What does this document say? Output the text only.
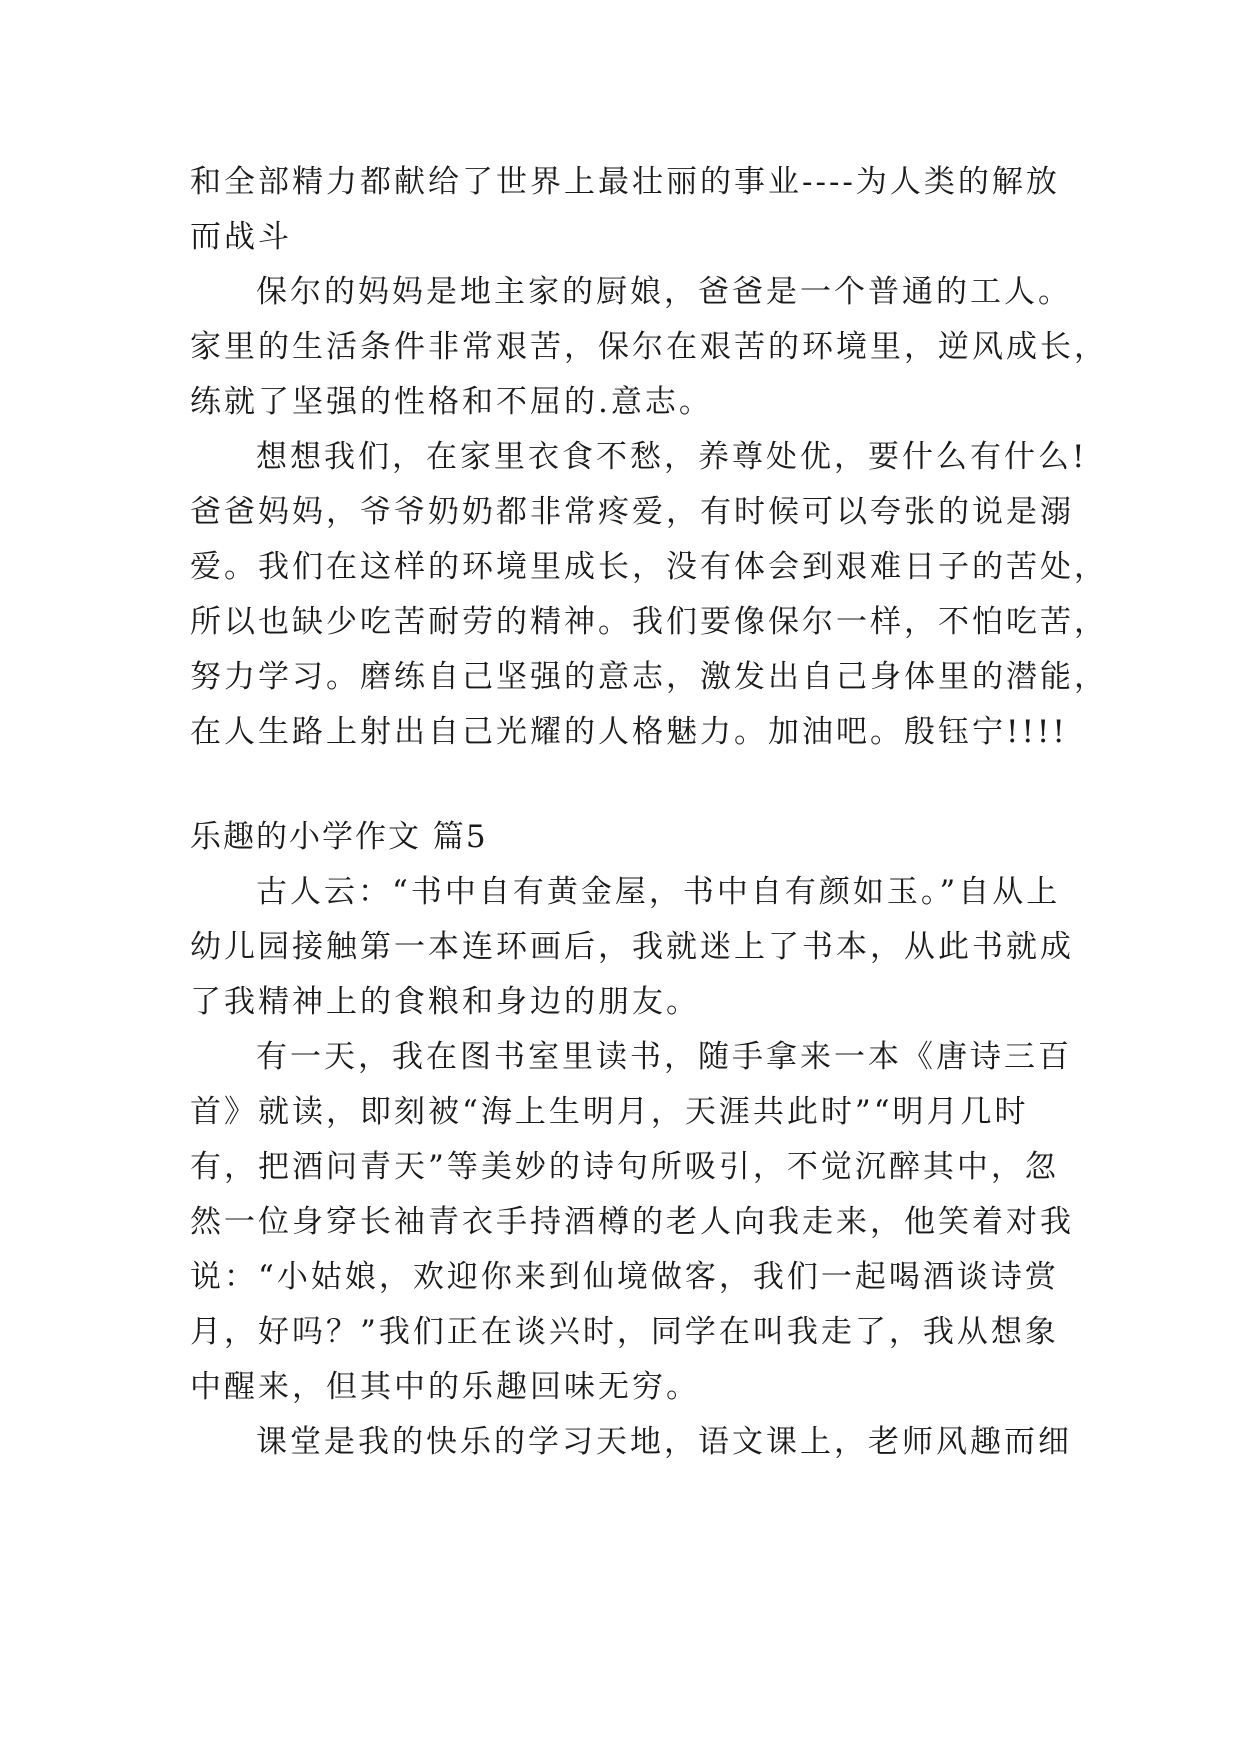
和全部精力都献给了世界上最壮丽的事业----为人类的解放
而战斗
保尔的妈妈是地主家的厨娘，爸爸是一个普通的工人。
家里的生活条件非常艰苦，保尔在艰苦的环境里，逆风成长，
练就了坚强的性格和不屈的.意志。
想想我们，在家里衣食不愁，养尊处优，要什么有什么!
爸爸妈妈，爷爷奶奶都非常疼爱，有时候可以夸张的说是溺
爱。我们在这样的环境里成长，没有体会到艰难日子的苦处，
所以也缺少吃苦耐劳的精神。我们要像保尔一样，不怕吃苦，
努力学习。磨练自己坚强的意志，激发出自己身体里的潜能，
在人生路上射出自己光耀的人格魅力。加油吧。殷钰宁!!!!
乐趣的小学作文 篇5
古人云：“书中自有黄金屋，书中自有颜如玉。”自从上
幼儿园接触第一本连环画后，我就迷上了书本，从此书就成
了我精神上的食粮和身边的朋友。
有一天，我在图书室里读书，随手拿来一本《唐诗三百
首》就读，即刻被“海上生明月，天涯共此时”“明月几时
有，把酒问青天”等美妙的诗句所吸引，不觉沉醉其中，忽
然一位身穿长袖青衣手持酒樽的老人向我走来，他笑着对我
说：“小姑娘，欢迎你来到仙境做客，我们一起喝酒谈诗赏
月，好吗？”我们正在谈兴时，同学在叫我走了，我从想象
中醒来，但其中的乐趣回味无穷。
课堂是我的快乐的学习天地，语文课上，老师风趣而细
